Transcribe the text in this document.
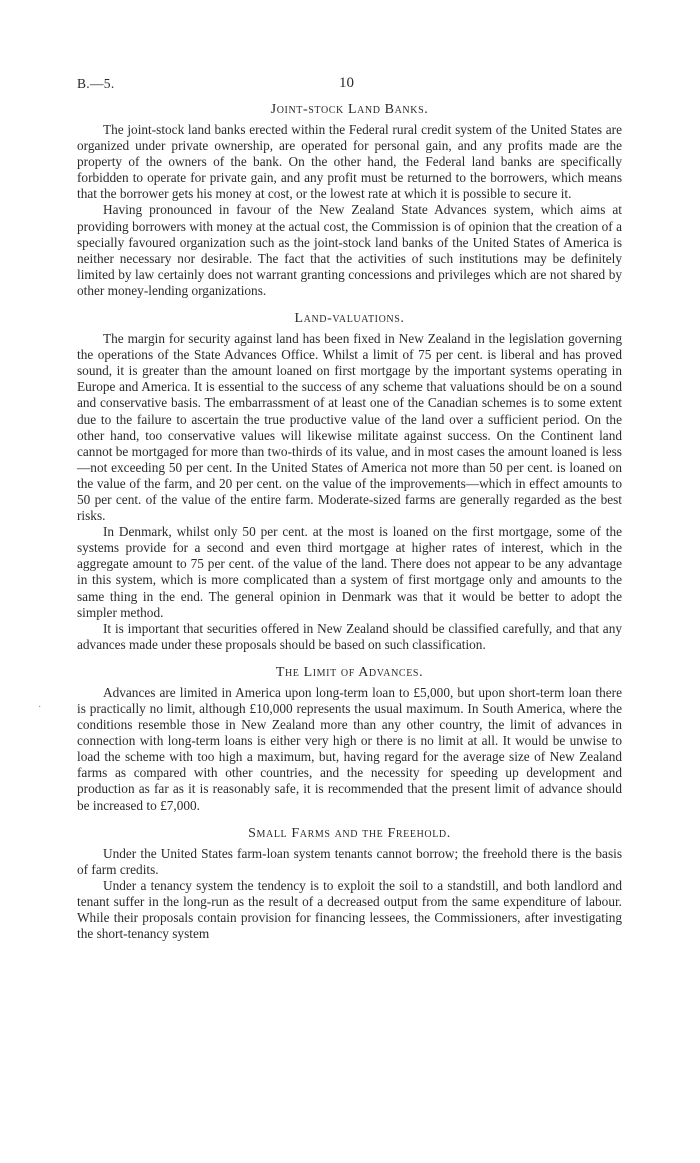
B.—5.	10
Joint-stock Land Banks.

The joint-stock land banks erected within the Federal rural credit system of the United States are organized under private ownership, are operated for personal gain, and any profits made are the property of the owners of the bank. On the other hand, the Federal land banks are specifically forbidden to operate for private gain, and any profit must be returned to the borrowers, which means that the borrower gets his money at cost, or the lowest rate at which it is possible to secure it.

Having pronounced in favour of the New Zealand State Advances system, which aims at providing borrowers with money at the actual cost, the Commission is of opinion that the creation of a specially favoured organization such as the joint-stock land banks of the United States of America is neither necessary nor desirable. The fact that the activities of such institutions may be definitely limited by law certainly does not warrant granting concessions and privileges which are not shared by other money-lending organizations.

Land-valuations.

The margin for security against land has been fixed in New Zealand in the legislation governing the operations of the State Advances Office. Whilst a limit of 75 per cent. is liberal and has proved sound, it is greater than the amount loaned on first mortgage by the important systems operating in Europe and America. It is essential to the success of any scheme that valuations should be on a sound and conservative basis. The embarrassment of at least one of the Canadian schemes is to some extent due to the failure to ascertain the true productive value of the land over a sufficient period. On the other hand, too conservative values will likewise militate against success. On the Continent land cannot be mortgaged for more than two-thirds of its value, and in most cases the amount loaned is less—not exceeding 50 per cent. In the United States of America not more than 50 per cent. is loaned on the value of the farm, and 20 per cent. on the value of the improvements—which in effect amounts to 50 per cent. of the value of the entire farm. Moderate-sized farms are generally regarded as the best risks.

In Denmark, whilst only 50 per cent. at the most is loaned on the first mortgage, some of the systems provide for a second and even third mortgage at higher rates of interest, which in the aggregate amount to 75 per cent. of the value of the land. There does not appear to be any advantage in this system, which is more complicated than a system of first mortgage only and amounts to the same thing in the end. The general opinion in Denmark was that it would be better to adopt the simpler method.

It is important that securities offered in New Zealand should be classified carefully, and that any advances made under these proposals should be based on such classification.

The Limit of Advances.

Advances are limited in America upon long-term loan to £5,000, but upon short-term loan there is practically no limit, although £10,000 represents the usual maximum. In South America, where the conditions resemble those in New Zealand more than any other country, the limit of advances in connection with long-term loans is either very high or there is no limit at all. It would be unwise to load the scheme with too high a maximum, but, having regard for the average size of New Zealand farms as compared with other countries, and the necessity for speeding up development and production as far as it is reasonably safe, it is recommended that the present limit of advance should be increased to £7,000.

Small Farms and the Freehold.

Under the United States farm-loan system tenants cannot borrow; the freehold there is the basis of farm credits.

Under a tenancy system the tendency is to exploit the soil to a standstill, and both landlord and tenant suffer in the long-run as the result of a decreased output from the same expenditure of labour. While their proposals contain provision for financing lessees, the Commissioners, after investigating the short-tenancy system

·
